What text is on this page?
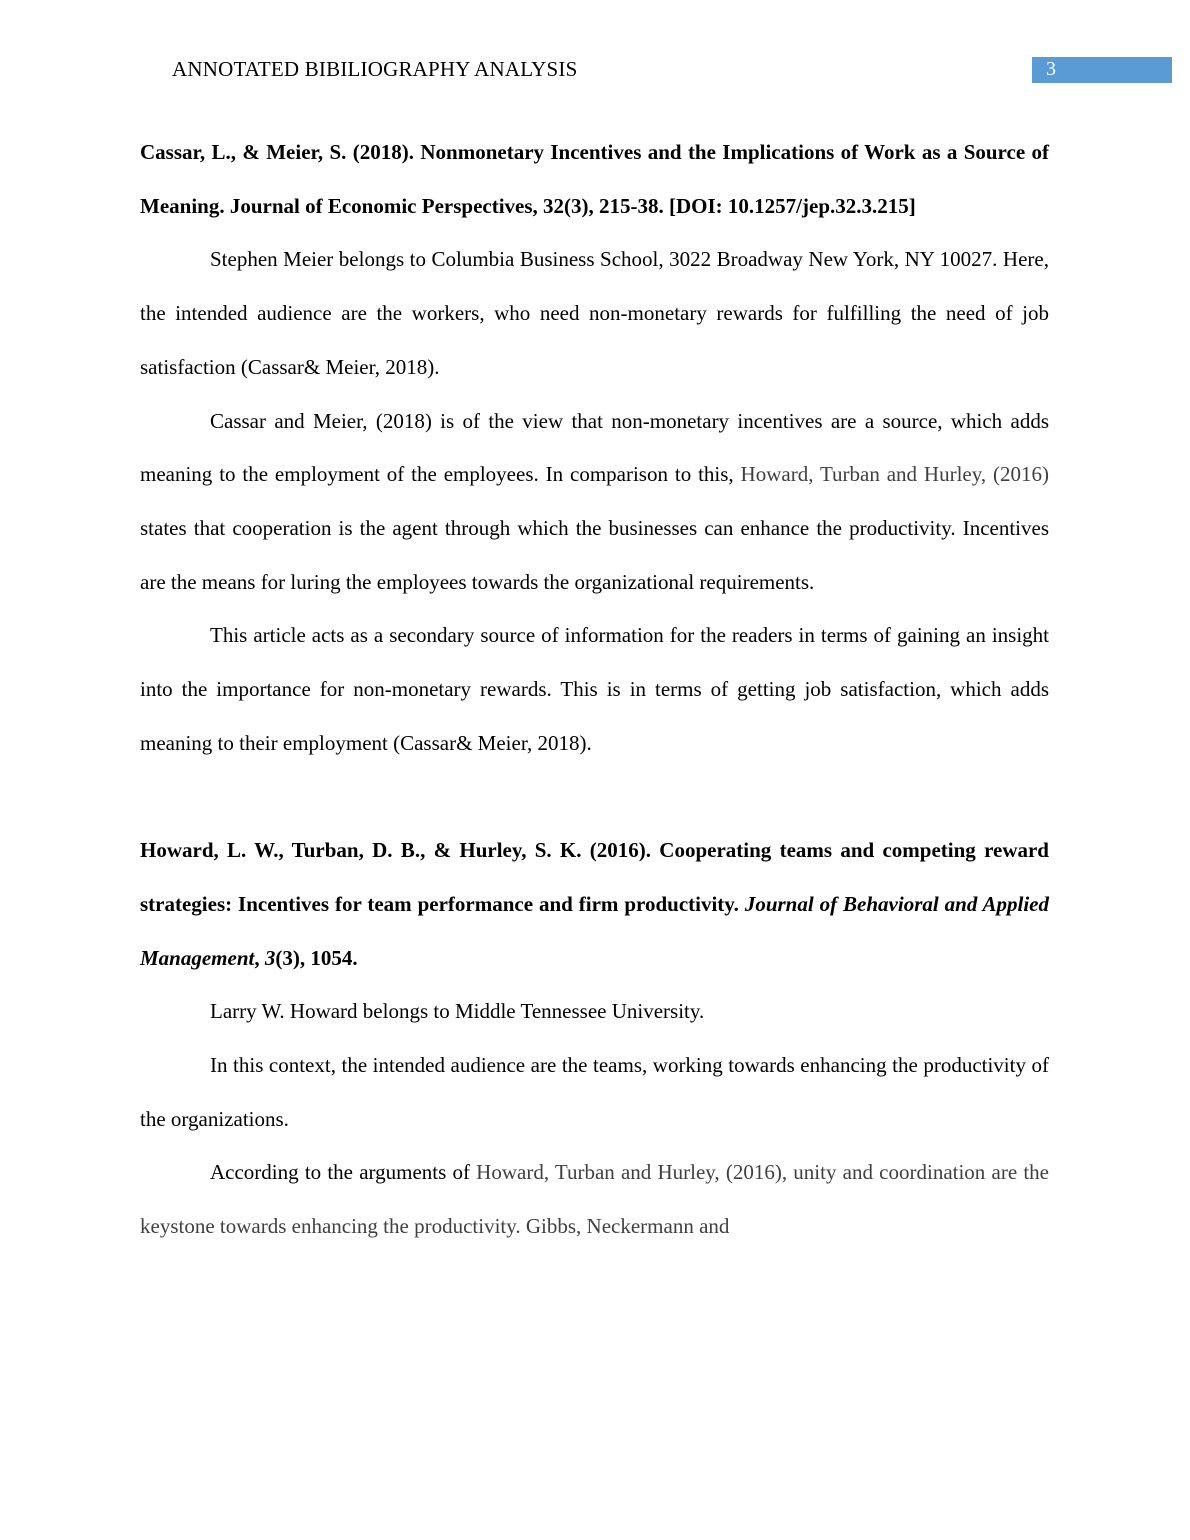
ANNOTATED BIBILIOGRAPHY ANALYSIS	3

Cassar, L., & Meier, S. (2018). Nonmonetary Incentives and the Implications of Work as a Source of Meaning. Journal of Economic Perspectives, 32(3), 215-38. [DOI: 10.1257/jep.32.3.215]

Stephen Meier belongs to Columbia Business School, 3022 Broadway New York, NY 10027. Here, the intended audience are the workers, who need non-monetary rewards for fulfilling the need of job satisfaction (Cassar& Meier, 2018).

Cassar and Meier, (2018) is of the view that non-monetary incentives are a source, which adds meaning to the employment of the employees. In comparison to this, Howard, Turban and Hurley, (2016) states that cooperation is the agent through which the businesses can enhance the productivity. Incentives are the means for luring the employees towards the organizational requirements.

This article acts as a secondary source of information for the readers in terms of gaining an insight into the importance for non-monetary rewards. This is in terms of getting job satisfaction, which adds meaning to their employment (Cassar& Meier, 2018).

Howard, L. W., Turban, D. B., & Hurley, S. K. (2016). Cooperating teams and competing reward strategies: Incentives for team performance and firm productivity. Journal of Behavioral and Applied Management, 3(3), 1054.

Larry W. Howard belongs to Middle Tennessee University.

In this context, the intended audience are the teams, working towards enhancing the productivity of the organizations.

According to the arguments of Howard, Turban and Hurley, (2016), unity and coordination are the keystone towards enhancing the productivity. Gibbs, Neckermann and
